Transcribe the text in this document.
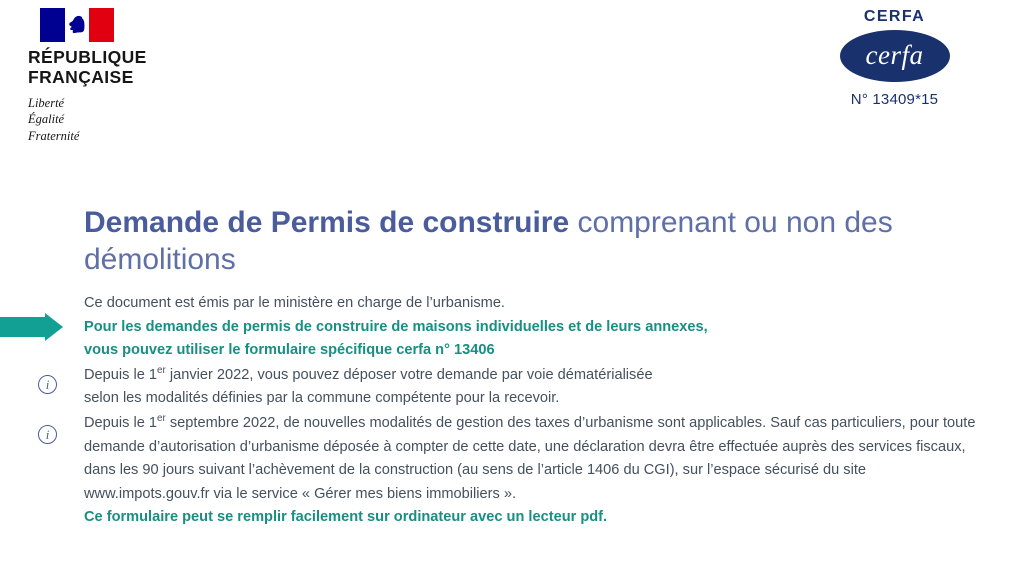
RÉPUBLIQUE
FRANÇAISE
Liberté
Égalité
Fraternité
CERFA
cerfa
N° 13409*15
Demande de Permis de construire comprenant ou non des démolitions
i
i

Ce document est émis par le ministère en charge de l’urbanisme.

Pour les demandes de permis de construire de maisons individuelles et de leurs annexes,

vous pouvez utiliser le formulaire spécifique cerfa n° 13406

Depuis le 1er janvier 2022, vous pouvez déposer votre demande par voie dématérialisée

selon les modalités définies par la commune compétente pour la recevoir.

Depuis le 1er septembre 2022, de nouvelles modalités de gestion des taxes d’urbanisme sont applicables. Sauf cas particuliers, pour toute demande d’autorisation d’urbanisme déposée à compter de cette date, une déclaration devra être effectuée auprès des services fiscaux, dans les 90 jours suivant l’achèvement de la construction (au sens de l’article 1406 du CGI), sur l’espace sécurisé du site www.impots.gouv.fr via le service « Gérer mes biens immobiliers ».

Ce formulaire peut se remplir facilement sur ordinateur avec un lecteur pdf.
